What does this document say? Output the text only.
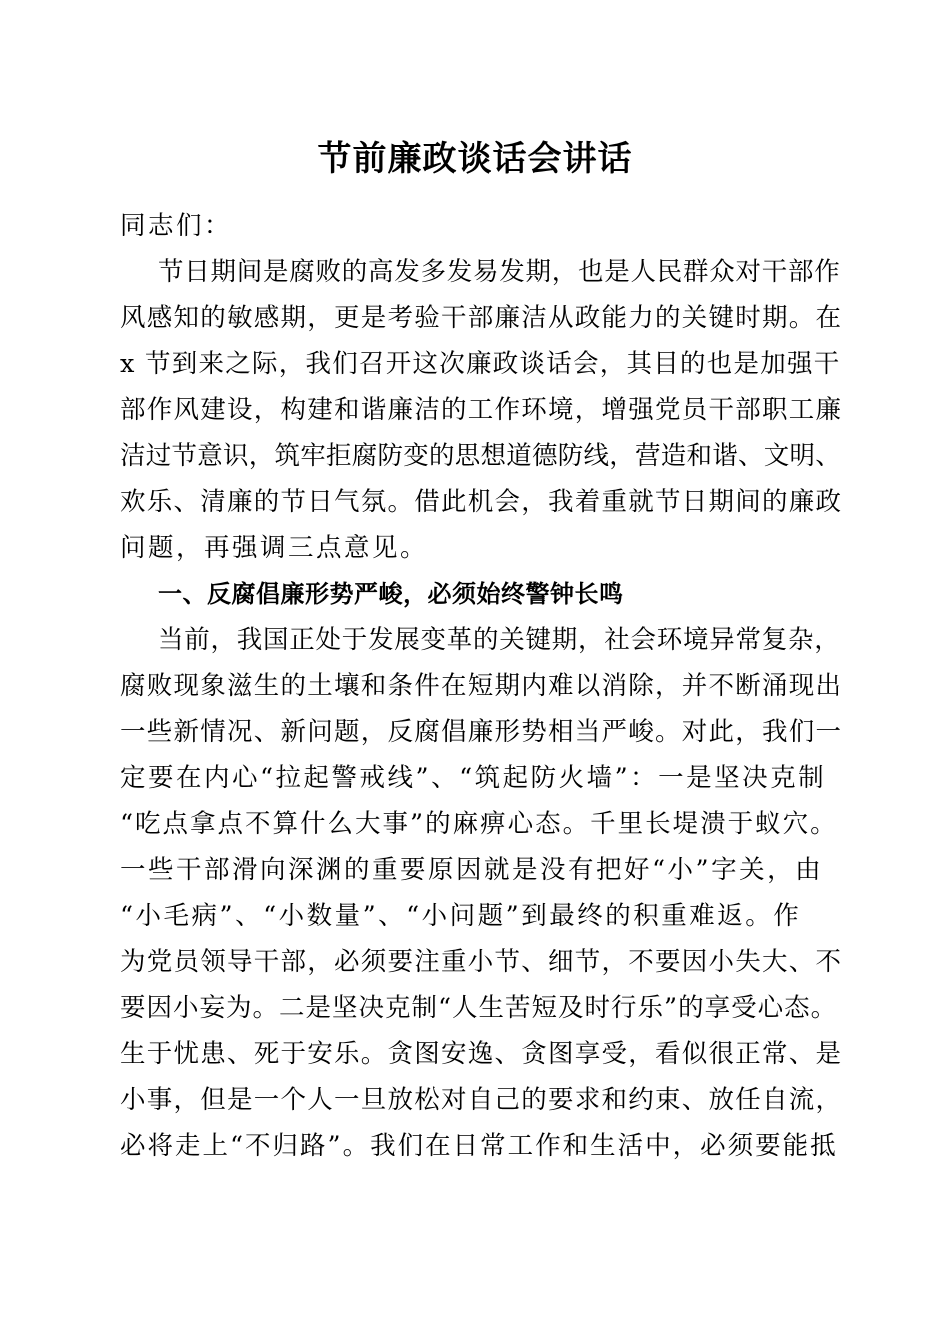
节前廉政谈话会讲话
同志们：
节日期间是腐败的高发多发易发期，也是人民群众对干部作
风感知的敏感期，更是考验干部廉洁从政能力的关键时期。在
x 节到来之际，我们召开这次廉政谈话会，其目的也是加强干
部作风建设，构建和谐廉洁的工作环境，增强党员干部职工廉
洁过节意识，筑牢拒腐防变的思想道德防线，营造和谐、文明、
欢乐、清廉的节日气氛。借此机会，我着重就节日期间的廉政
问题，再强调三点意见。
一、反腐倡廉形势严峻，必须始终警钟长鸣
当前，我国正处于发展变革的关键期，社会环境异常复杂，
腐败现象滋生的土壤和条件在短期内难以消除，并不断涌现出
一些新情况、新问题，反腐倡廉形势相当严峻。对此，我们一
定要在内心“拉起警戒线”、“筑起防火墙”：一是坚决克制
“吃点拿点不算什么大事”的麻痹心态。千里长堤溃于蚁穴。
一些干部滑向深渊的重要原因就是没有把好“小”字关，由
“小毛病”、“小数量”、“小问题”到最终的积重难返。作
为党员领导干部，必须要注重小节、细节，不要因小失大、不
要因小妄为。二是坚决克制“人生苦短及时行乐”的享受心态。
生于忧患、死于安乐。贪图安逸、贪图享受，看似很正常、是
小事，但是一个人一旦放松对自己的要求和约束、放任自流，
必将走上“不归路”。我们在日常工作和生活中，必须要能抵
